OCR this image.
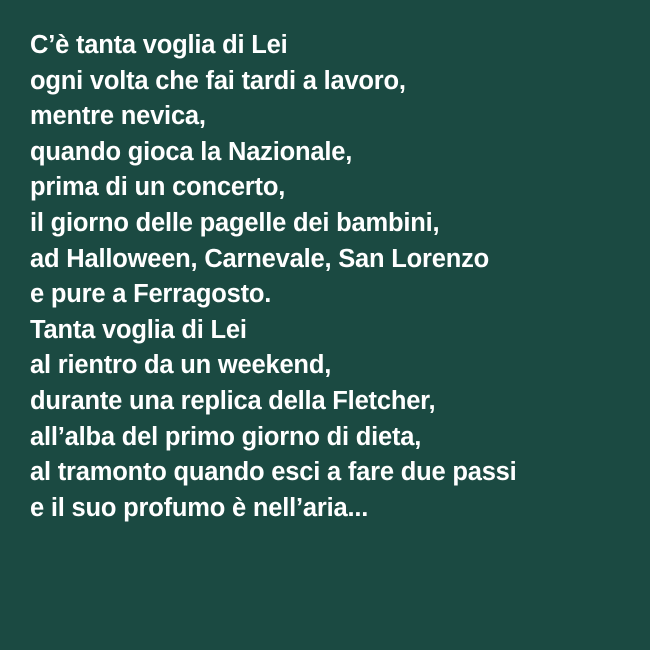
C’è tanta voglia di Lei
ogni volta che fai tardi a lavoro,
mentre nevica,
quando gioca la Nazionale,
prima di un concerto,
il giorno delle pagelle dei bambini,
ad Halloween, Carnevale, San Lorenzo
e pure a Ferragosto.
Tanta voglia di Lei
al rientro da un weekend,
durante una replica della Fletcher,
all’alba del primo giorno di dieta,
al tramonto quando esci a fare due passi
e il suo profumo è nell’aria...
